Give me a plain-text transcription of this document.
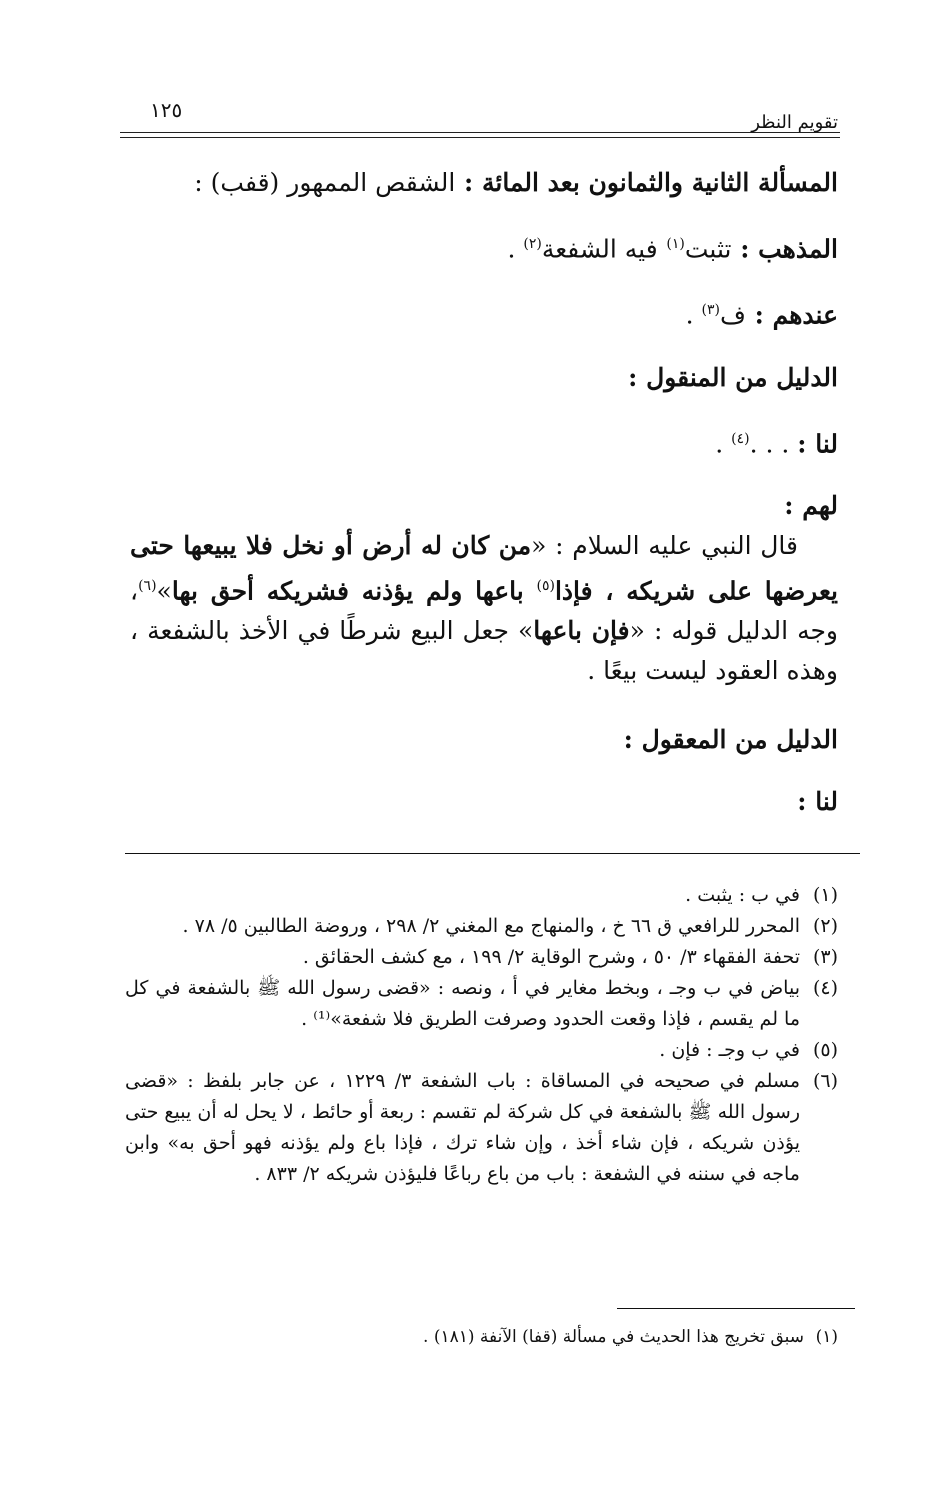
تقويم النظر
١٢٥

المسألة الثانية والثمانون بعد المائة : الشقص الممهور (قفب) :

المذهب : تثبت$^{(١)}$ فيه الشفعة$^{(٢)}$ .

عندهم : ف$^{(٣)}$ .

الدليل من المنقول :

لنا : . . .$^{(٤)}$ .

لهم :

قال النبي عليه السلام : «من كان له أرض أو نخل فلا يبيعها حتى يعرضها على شريكه ، فإذا$^{(٥)}$ باعها ولم يؤذنه فشريكه أحق بها»$^{(٦)}$، وجه الدليل قوله : «فإن باعها» جعل البيع شرطًا في الأخذ بالشفعة ، وهذه العقود ليست بيعًا .

الدليل من المعقول :

لنا :

(١)
في ب : يثبت .
(٢)
المحرر للرافعي ق ٦٦ خ ، والمنهاج مع المغني ٢/ ٢٩٨ ، وروضة الطالبين ٥/ ٧٨ .
(٣)
تحفة الفقهاء ٣/ ٥٠ ، وشرح الوقاية ٢/ ١٩٩ ، مع كشف الحقائق .
(٤)
بياض في ب وجـ ، وبخط مغاير في أ ، ونصه : «قضى رسول الله ﷺ بالشفعة في كل ما لم يقسم ، فإذا وقعت الحدود وصرفت الطريق فلا شفعة»⁽¹⁾ .
(٥)
في ب وجـ : فإن .
(٦)
مسلم في صحيحه في المساقاة : باب الشفعة ٣/ ١٢٢٩ ، عن جابر بلفظ : «قضى رسول الله ﷺ بالشفعة في كل شركة لم تقسم : ربعة أو حائط ، لا يحل له أن يبيع حتى يؤذن شريكه ، فإن شاء أخذ ، وإن شاء ترك ، فإذا باع ولم يؤذنه فهو أحق به» وابن ماجه في سننه في الشفعة : باب من باع رباعًا فليؤذن شريكه ٢/ ٨٣٣ .
(١)
سبق تخريج هذا الحديث في مسألة (قفا) الآنفة (١٨١) .
